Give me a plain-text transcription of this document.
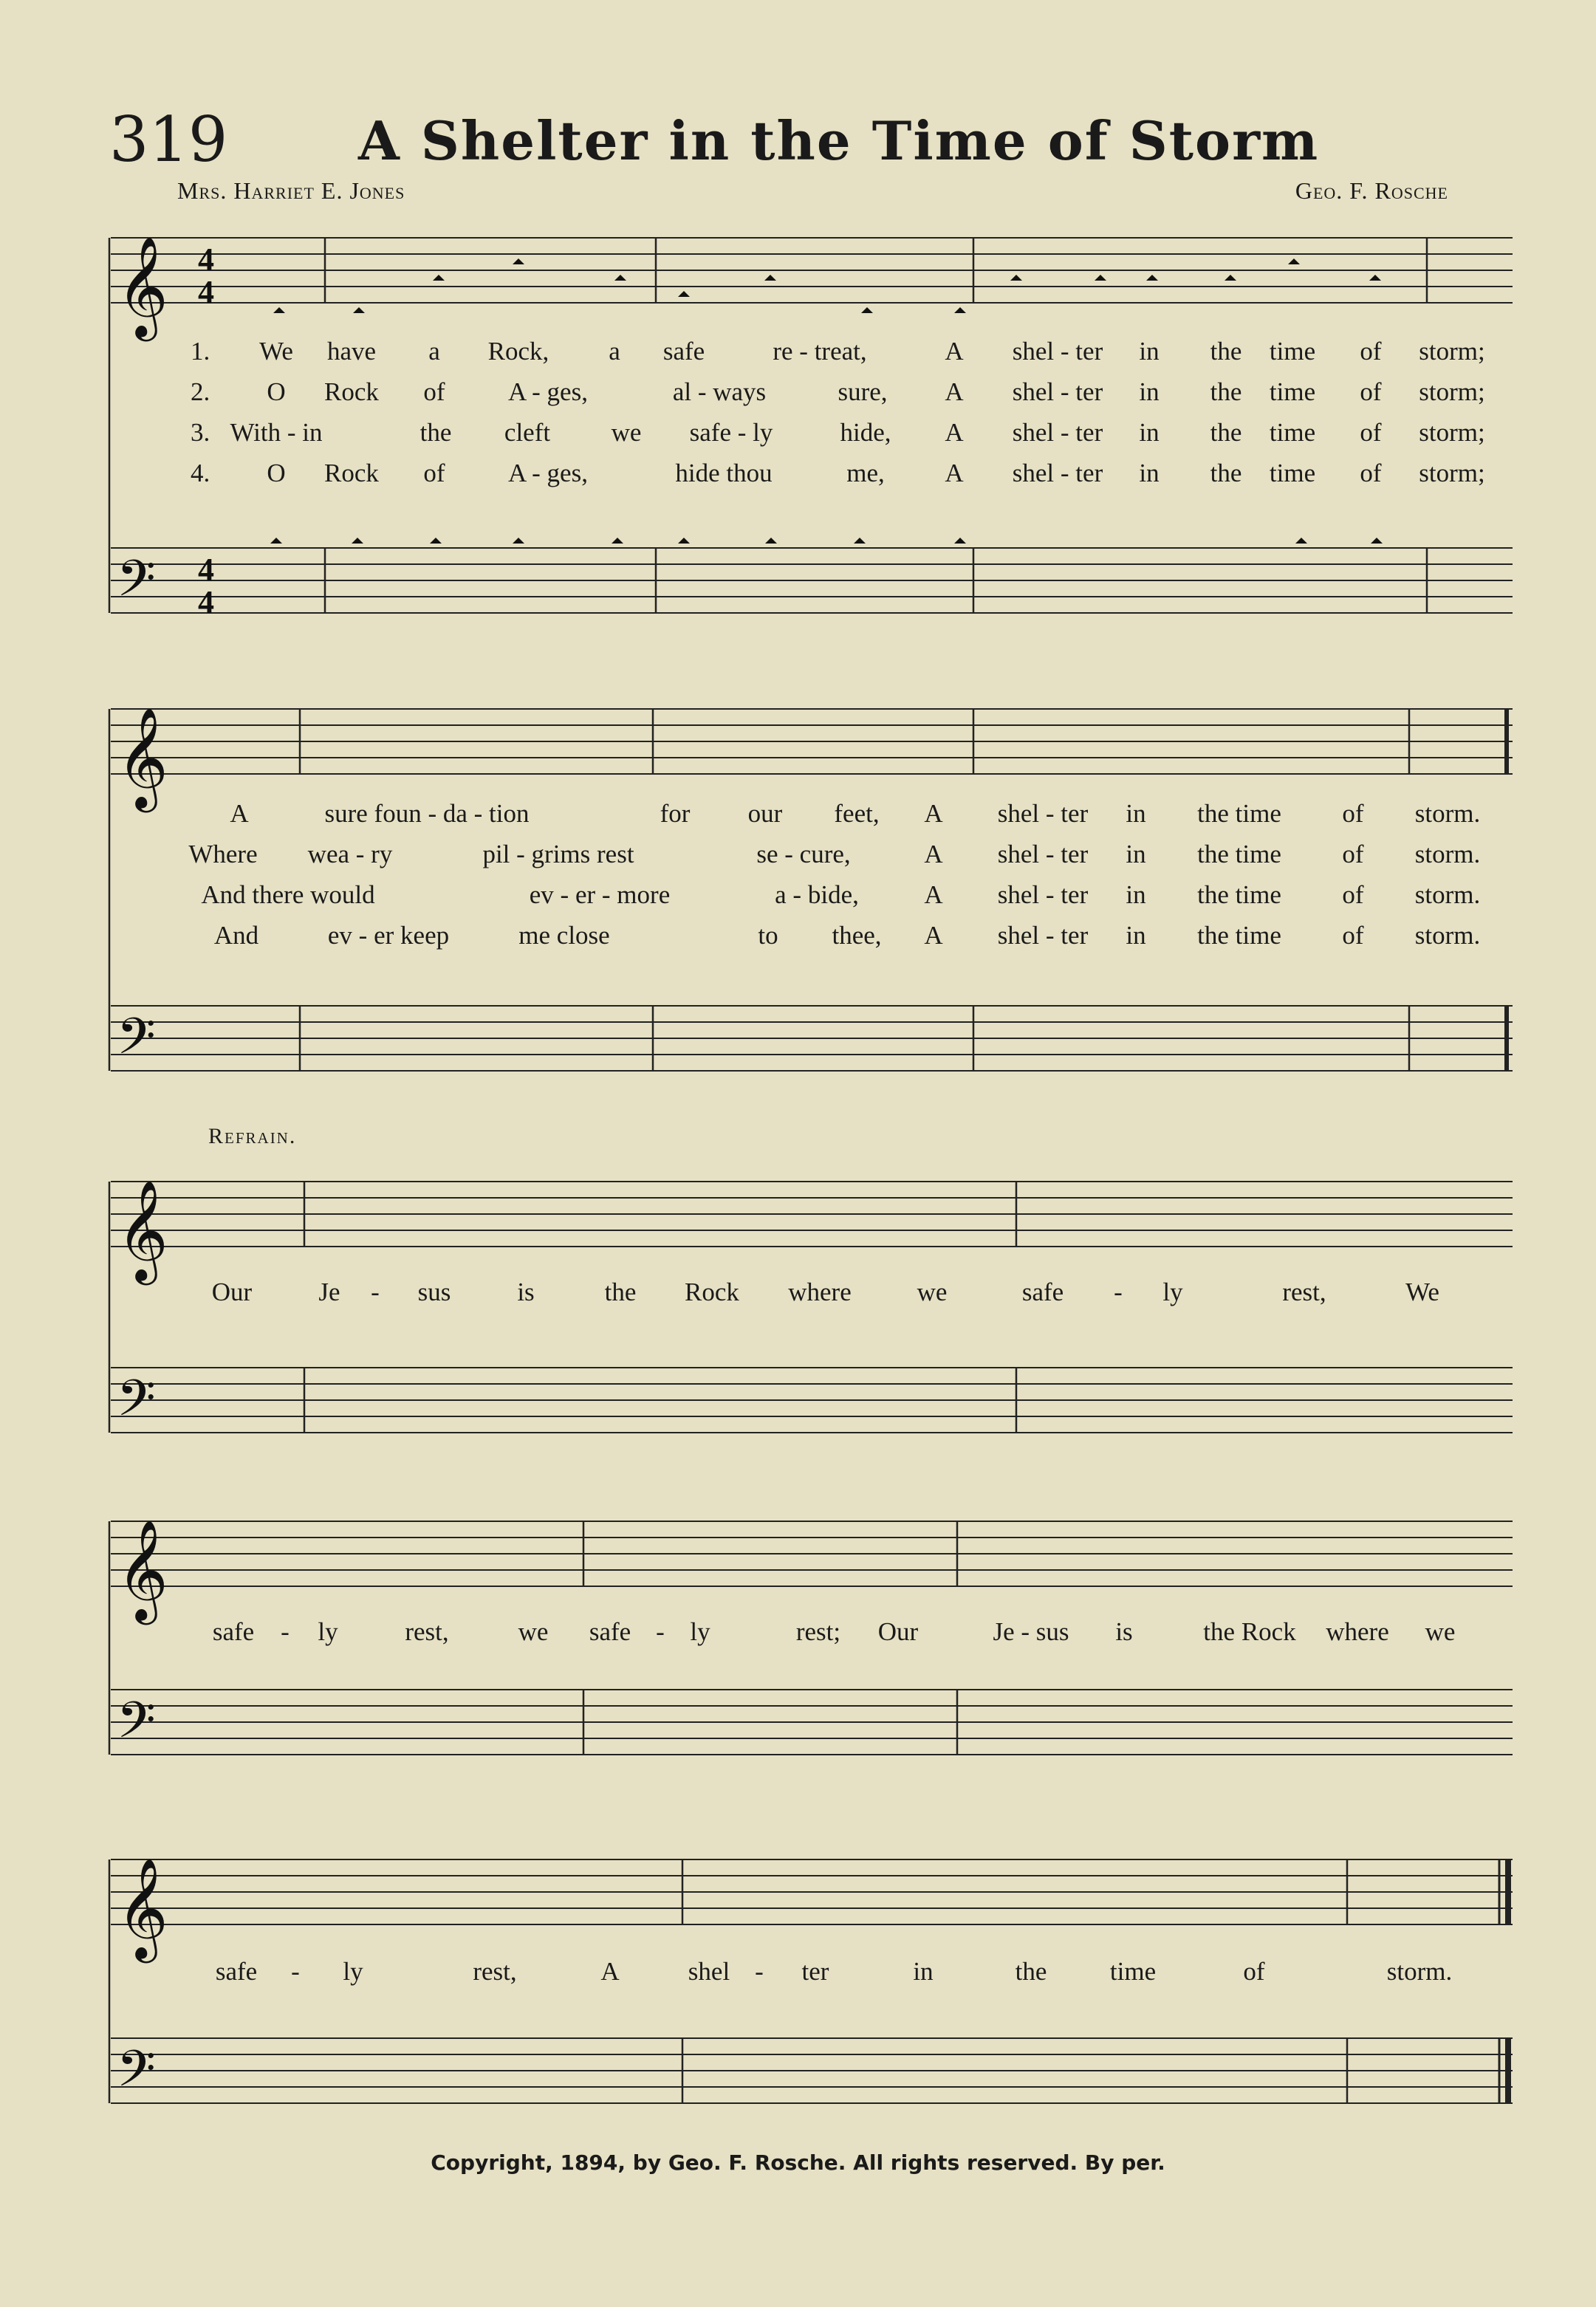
319 A Shelter in the Time of Storm
Mrs. Harriet E. Jones	Geo. F. Rosche
Refrain.
𝄞
𝄢
4
4
4
4
𝄞
𝄢
𝄞
𝄢
𝄞
𝄢
𝄞
𝄢
1. We have a Rock, a safe	re - treat,	A shel - ter in the time of storm;
2. O Rock of A - ges,	al - ways	sure, A shel - ter in the time of storm;
3. With - in	the cleft we safe - ly	hide, A shel - ter in the time of storm;
4. O Rock of A - ges,	hide thou	me, A shel - ter in the time of storm;
A	sure foun - da - tion	for our feet, A shel - ter in the time of storm.
Where wea - ry	pil - grims rest	se - cure,	A shel - ter in the time of storm.
And there would	ev - er - more	a - bide,	A shel - ter in the time of storm.
And	ev - er keep	me close	to thee, A shel - ter in the time of storm.
Our	Je - sus	is	the Rock where	we	safe - ly	rest,	We
safe - ly	rest,	we safe - ly	rest; Our	Je - sus is	the Rock where we
safe - ly	rest,	A	shel - ter	in	the time	of	storm.
Copyright, 1894, by Geo. F. Rosche. All rights reserved. By per.
